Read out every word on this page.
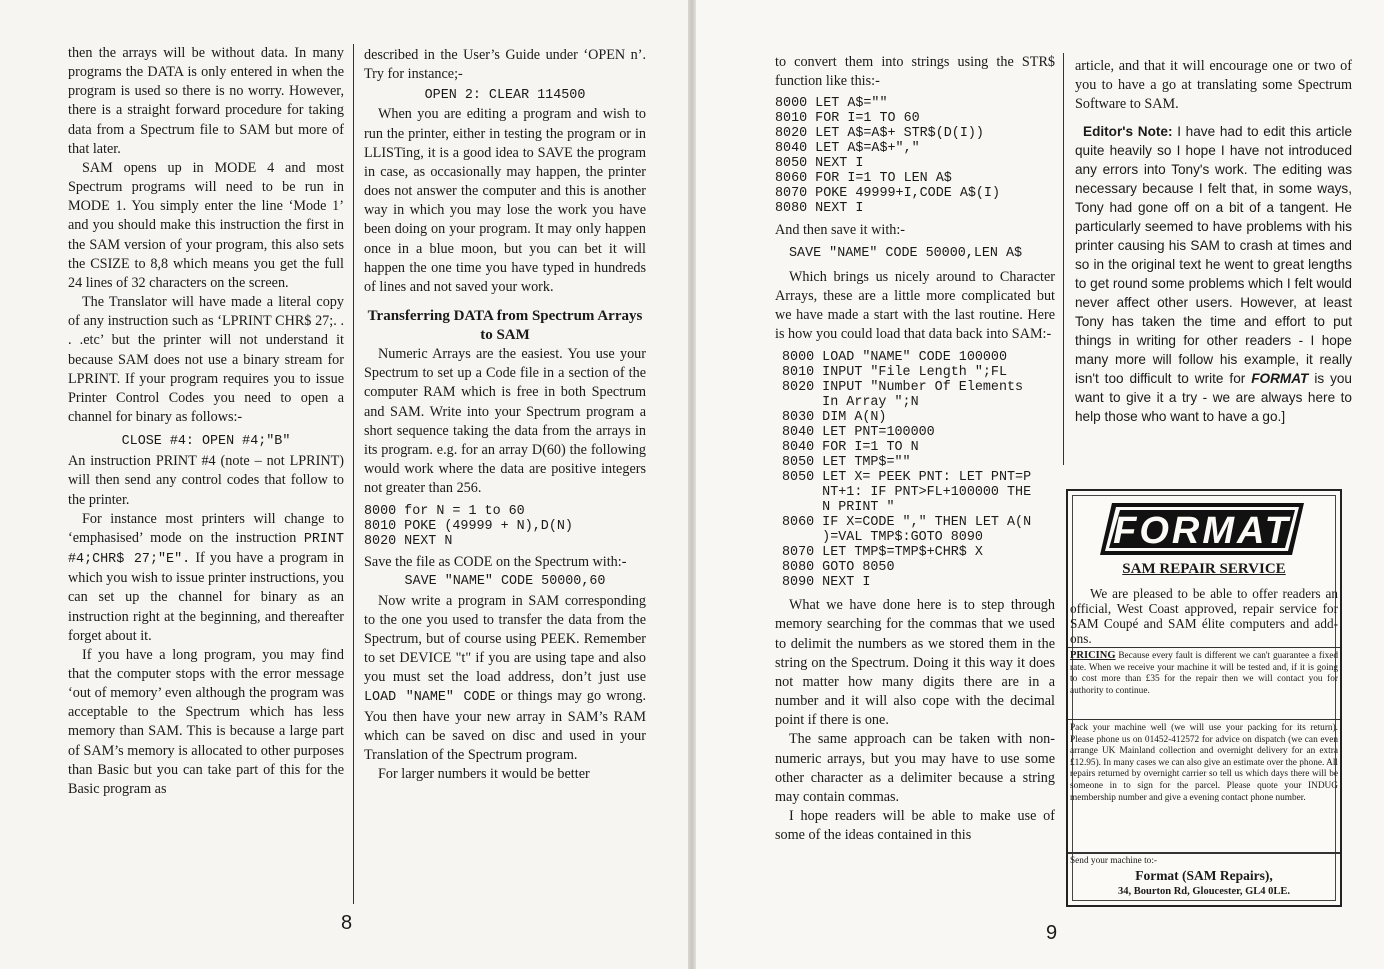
then the arrays will be without data. In many programs the DATA is only entered in when the program is used so there is no worry. However, there is a straight forward procedure for taking data from a Spectrum file to SAM but more of that later.

SAM opens up in MODE 4 and most Spectrum programs will need to be run in MODE 1. You simply enter the line ‘Mode 1’ and you should make this instruction the first in the SAM version of your program, this also sets the CSIZE to 8,8 which means you get the full 24 lines of 32 characters on the screen.

The Translator will have made a literal copy of any instruction such as ‘LPRINT CHR$ 27;. . . .etc’ but the printer will not understand it because SAM does not use a binary stream for LPRINT. If your program requires you to issue Printer Control Codes you need to open a channel for binary as follows:-

CLOSE #4: OPEN #4;"B"

An instruction PRINT #4 (note – not LPRINT) will then send any control codes that follow to the printer.

For instance most printers will change to ‘emphasised’ mode on the instruction PRINT #4;CHR$ 27;"E". If you have a program in which you wish to issue printer instructions, you can set up the channel for binary as an instruction right at the beginning, and thereafter forget about it.

If you have a long program, you may find that the computer stops with the error message ‘out of memory’ even although the program was acceptable to the Spectrum which has less memory than SAM. This is because a large part of SAM’s memory is allocated to other purposes than Basic but you can take part of this for the Basic program as

described in the User’s Guide under ‘OPEN n’. Try for instance;-

OPEN 2: CLEAR 114500

When you are editing a program and wish to run the printer, either in testing the program or in LLISTing, it is a good idea to SAVE the program in case, as occasionally may happen, the printer does not answer the computer and this is another way in which you may lose the work you have been doing on your program. It may only happen once in a blue moon, but you can bet it will happen the one time you have typed in hundreds of lines and not saved your work.

Transferring DATA from Spectrum Arrays to SAM

Numeric Arrays are the easiest. You use your Spectrum to set up a Code file in a section of the computer RAM which is free in both Spectrum and SAM. Write into your Spectrum program a short sequence taking the data from the arrays in its program. e.g. for an array D(60) the following would work where the data are positive integers not greater than 256.

8000 for N = 1 to 60
8010 POKE (49999 + N),D(N)
8020 NEXT N

Save the file as CODE on the Spectrum with:-

SAVE "NAME" CODE 50000,60

Now write a program in SAM corresponding to the one you used to transfer the data from the Spectrum, but of course using PEEK. Remember to set DEVICE "t" if you are using tape and also you must set the load address, don’t just use LOAD "NAME" CODE or things may go wrong. You then have your new array in SAM’s RAM which can be saved on disc and used in your Translation of the Spectrum program.

For larger numbers it would be better

8

to convert them into strings using the STR$ function like this:-

8000 LET A$=""
8010 FOR I=1 TO 60
8020 LET A$=A$+ STR$(D(I))
8040 LET A$=A$+","
8050 NEXT I
8060 FOR I=1 TO LEN A$
8070 POKE 49999+I,CODE A$(I)
8080 NEXT I

And then save it with:-

SAVE "NAME" CODE 50000,LEN A$

Which brings us nicely around to Character Arrays, these are a little more complicated but we have made a start with the last routine. Here is how you could load that data back into SAM:-

8000 LOAD "NAME" CODE 100000
8010 INPUT "File Length ";FL
8020 INPUT "Number Of Elements
In Array ";N
8030 DIM A(N)
8040 LET PNT=100000
8040 FOR I=1 TO N
8050 LET TMP$=""
8050 LET X= PEEK PNT: LET PNT=P
NT+1: IF PNT>FL+100000 THE
N PRINT "
8060 IF X=CODE "," THEN LET A(N
)=VAL TMP$:GOTO 8090
8070 LET TMP$=TMP$+CHR$ X
8080 GOTO 8050
8090 NEXT I

What we have done here is to step through memory searching for the commas that we used to delimit the numbers as we stored them in the string on the Spectrum. Doing it this way it does not matter how many digits there are in a number and it will also cope with the decimal point if there is one.

The same approach can be taken with non-numeric arrays, but you may have to use some other character as a delimiter because a string may contain commas.

I hope readers will be able to make use of some of the ideas contained in this

article, and that it will encourage one or two of you to have a go at translating some Spectrum Software to SAM.

Editor's Note: I have had to edit this article quite heavily so I hope I have not introduced any errors into Tony's work. The editing was necessary because I felt that, in some ways, Tony had gone off on a bit of a tangent. He particularly seemed to have problems with his printer causing his SAM to crash at times and so in the original text he went to great lengths to get round some problems which I felt would never affect other users. However, at least Tony has taken the time and effort to put things in writing for other readers - I hope many more will follow his example, it really isn't too difficult to write for FORMAT is you want to give it a try - we are always here to help those who want to have a go.]

FORMAT
SAM REPAIR SERVICE
We are pleased to be able to offer readers an official, West Coast approved, repair service for SAM Coupé and SAM élite computers and add-ons.
PRICING Because every fault is different we can't guarantee a fixed rate. When we receive your machine it will be tested and, if it is going to cost more than £35 for the repair then we will contact you for authority to continue.
Pack your machine well (we will use your packing for its return). Please phone us on 01452-412572 for advice on dispatch (we can even arrange UK Mainland collection and overnight delivery for an extra £12.95). In many cases we can also give an estimate over the phone. All repairs returned by overnight carrier so tell us which days there will be someone in to sign for the parcel. Please quote your INDUG membership number and give a evening contact phone number.
Send your machine to:-
Format (SAM Repairs),
34, Bourton Rd, Gloucester, GL4 0LE.
9
